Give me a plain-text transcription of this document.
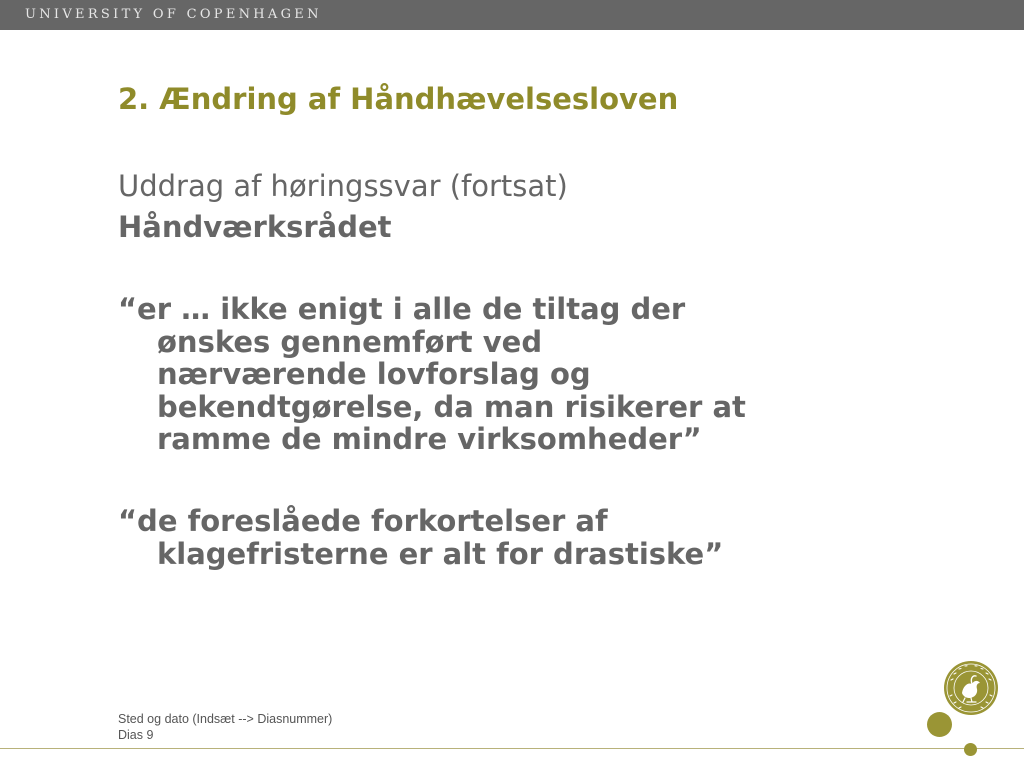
UNIVERSITY OF COPENHAGEN
2. Ændring af Håndhævelsesloven
Uddrag af høringssvar (fortsat)
Håndværksrådet
“er … ikke enigt i alle de tiltag der
ønskes gennemført ved
nærværende lovforslag og
bekendtgørelse, da man risikerer at
ramme de mindre virksomheder”
“de foreslåede forkortelser af
klagefristerne er alt for drastiske”
Sted og dato (Indsæt --> Diasnummer)
Dias 9
